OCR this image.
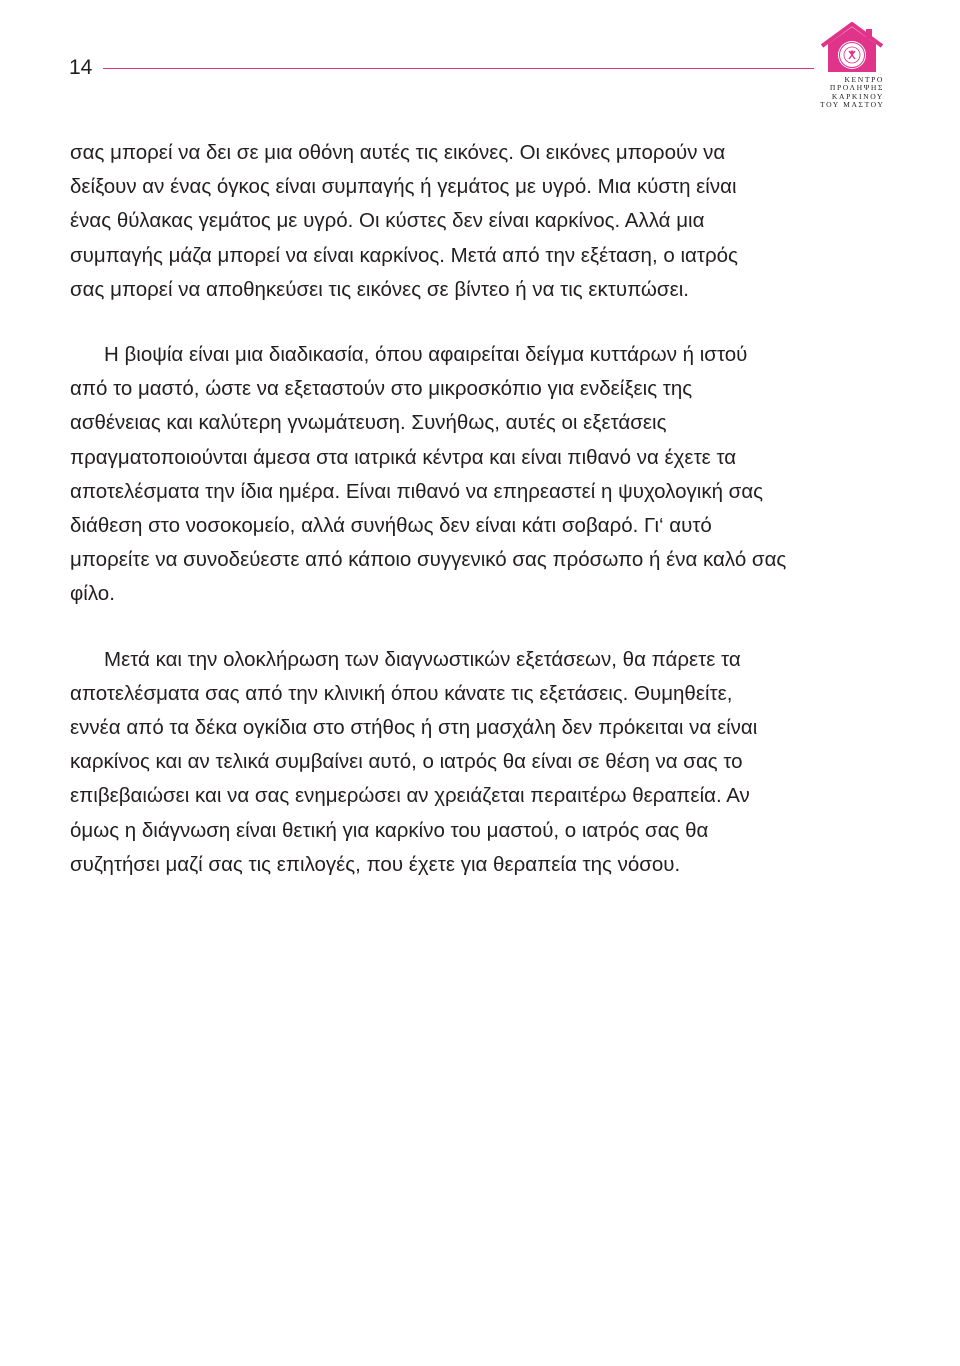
14
ΚΕΝΤΡΟ
ΠΡΟΛΗΨΗΣ
ΚΑΡΚΙΝΟΥ
ΤΟΥ ΜΑΣΤΟΥ
σας μπορεί να δει σε μια οθόνη αυτές τις εικόνες. Οι εικόνες μπορούν να
δείξουν αν ένας όγκος είναι συμπαγής ή γεμάτος με υγρό. Μια κύστη είναι
ένας θύλακας γεμάτος με υγρό. Οι κύστες δεν είναι καρκίνος. Αλλά μια
συμπαγής μάζα μπορεί να είναι καρκίνος. Μετά από την εξέταση, ο ιατρός
σας μπορεί να αποθηκεύσει τις εικόνες σε βίντεο ή να τις εκτυπώσει.
Η βιοψία είναι μια διαδικασία, όπου αφαιρείται δείγμα κυττάρων ή ιστού
από το μαστό, ώστε να εξεταστούν στο μικροσκόπιο για ενδείξεις της
ασθένειας και καλύτερη γνωμάτευση. Συνήθως, αυτές οι εξετάσεις
πραγματοποιούνται άμεσα στα ιατρικά κέντρα και είναι πιθανό να έχετε τα
αποτελέσματα την ίδια ημέρα. Είναι πιθανό να επηρεαστεί η ψυχολογική σας
διάθεση στο νοσοκομείο, αλλά συνήθως δεν είναι κάτι σοβαρό. Γι‘ αυτό
μπορείτε να συνοδεύεστε από κάποιο συγγενικό σας πρόσωπο ή ένα καλό σας
φίλο.
Μετά και την ολοκλήρωση των διαγνωστικών εξετάσεων, θα πάρετε τα
αποτελέσματα σας από την κλινική όπου κάνατε τις εξετάσεις. Θυμηθείτε,
εννέα από τα δέκα ογκίδια στο στήθος ή στη μασχάλη δεν πρόκειται να είναι
καρκίνος και αν τελικά συμβαίνει αυτό, ο ιατρός θα είναι σε θέση να σας το
επιβεβαιώσει και να σας ενημερώσει αν χρειάζεται περαιτέρω θεραπεία. Αν
όμως η διάγνωση είναι θετική για καρκίνο του μαστού, ο ιατρός σας θα
συζητήσει μαζί σας τις επιλογές, που έχετε για θεραπεία της νόσου.
